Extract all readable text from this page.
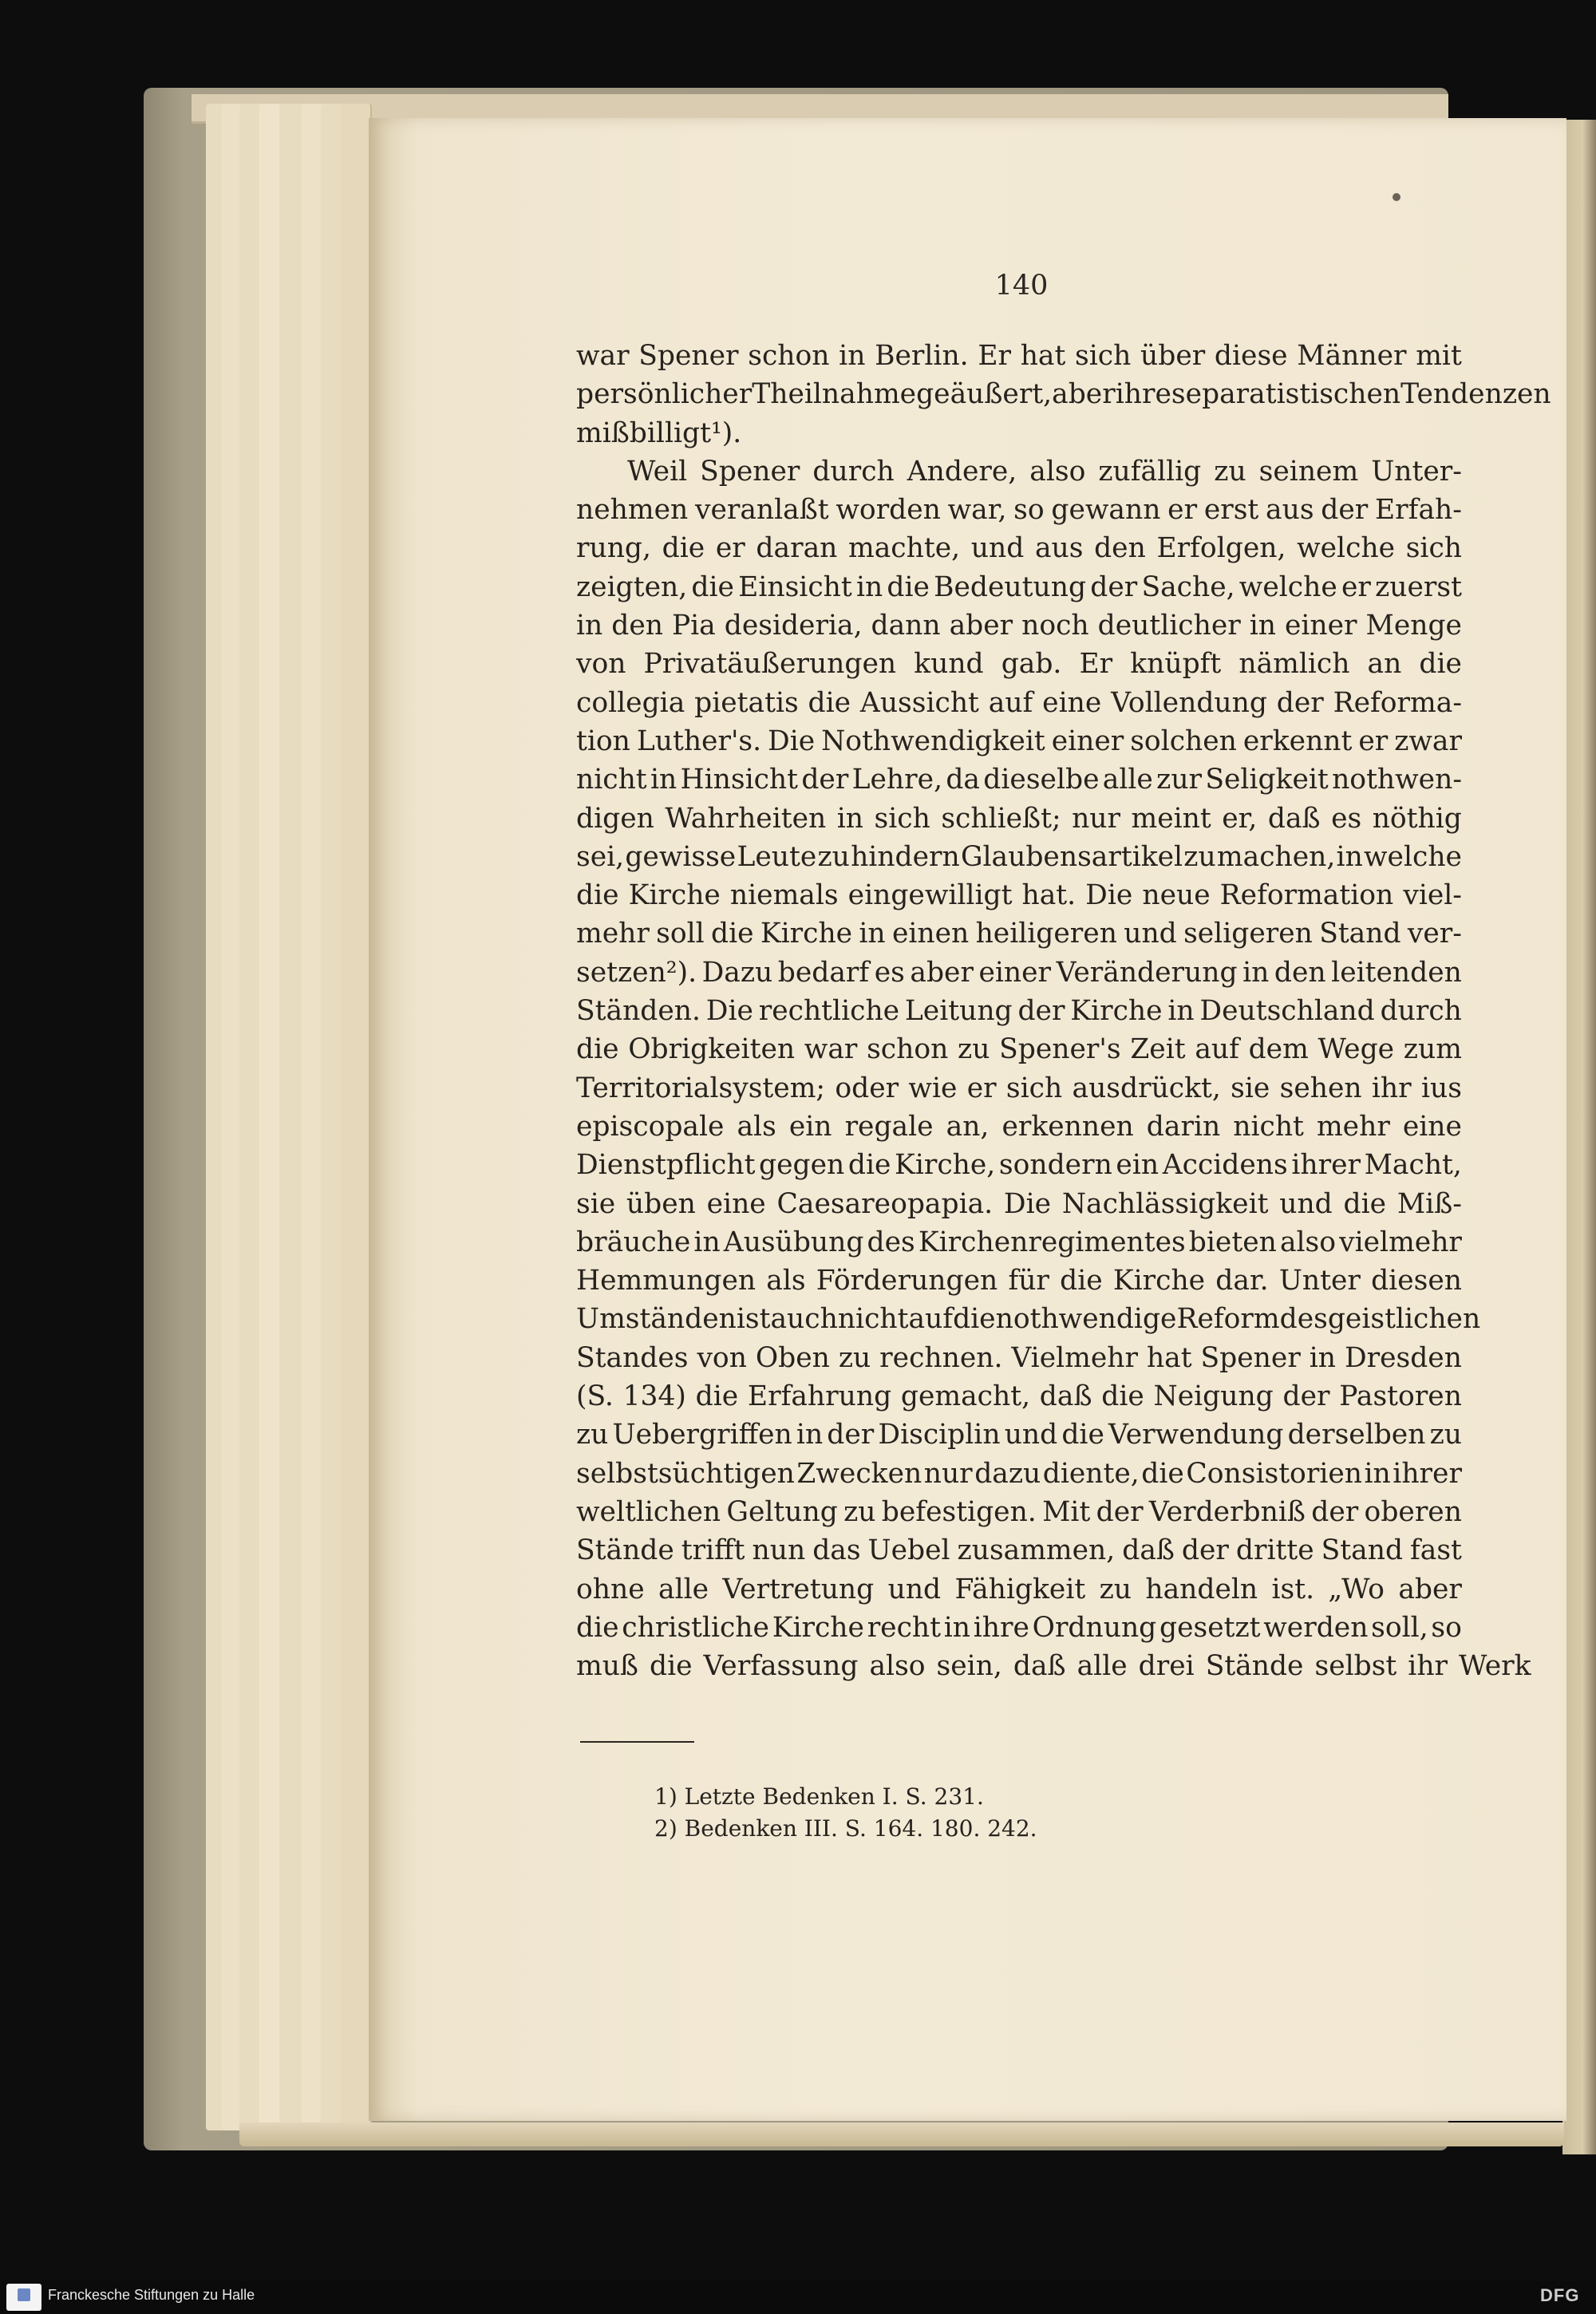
140
war Spener schon in Berlin. Er hat sich über diese Männer mit
persönlicher Theilnahme geäußert, aber ihre separatistischen Tendenzen
mißbilligt¹).
Weil Spener durch Andere, also zufällig zu seinem Unter-
nehmen veranlaßt worden war, so gewann er erst aus der Erfah-
rung, die er daran machte, und aus den Erfolgen, welche sich
zeigten, die Einsicht in die Bedeutung der Sache, welche er zuerst
in den Pia desideria, dann aber noch deutlicher in einer Menge
von Privatäußerungen kund gab. Er knüpft nämlich an die
collegia pietatis die Aussicht auf eine Vollendung der Reforma-
tion Luther's. Die Nothwendigkeit einer solchen erkennt er zwar
nicht in Hinsicht der Lehre, da dieselbe alle zur Seligkeit nothwen-
digen Wahrheiten in sich schließt; nur meint er, daß es nöthig
sei, gewisse Leute zu hindern Glaubensartikel zu machen, in welche
die Kirche niemals eingewilligt hat. Die neue Reformation viel-
mehr soll die Kirche in einen heiligeren und seligeren Stand ver-
setzen²). Dazu bedarf es aber einer Veränderung in den leitenden
Ständen. Die rechtliche Leitung der Kirche in Deutschland durch
die Obrigkeiten war schon zu Spener's Zeit auf dem Wege zum
Territorialsystem; oder wie er sich ausdrückt, sie sehen ihr ius
episcopale als ein regale an, erkennen darin nicht mehr eine
Dienstpflicht gegen die Kirche, sondern ein Accidens ihrer Macht,
sie üben eine Caesareopapia. Die Nachlässigkeit und die Miß-
bräuche in Ausübung des Kirchenregimentes bieten also vielmehr
Hemmungen als Förderungen für die Kirche dar. Unter diesen
Umständen ist auch nicht auf die nothwendige Reform des geistlichen
Standes von Oben zu rechnen. Vielmehr hat Spener in Dresden
(S. 134) die Erfahrung gemacht, daß die Neigung der Pastoren
zu Uebergriffen in der Disciplin und die Verwendung derselben zu
selbstsüchtigen Zwecken nur dazu diente, die Consistorien in ihrer
weltlichen Geltung zu befestigen. Mit der Verderbniß der oberen
Stände trifft nun das Uebel zusammen, daß der dritte Stand fast
ohne alle Vertretung und Fähigkeit zu handeln ist. „Wo aber
die christliche Kirche recht in ihre Ordnung gesetzt werden soll, so
muß die Verfassung also sein, daß alle drei Stände selbst ihr Werk
1) Letzte Bedenken I. S. 231.
2) Bedenken III. S. 164. 180. 242.
Franckesche Stiftungen zu Halle	DFG
